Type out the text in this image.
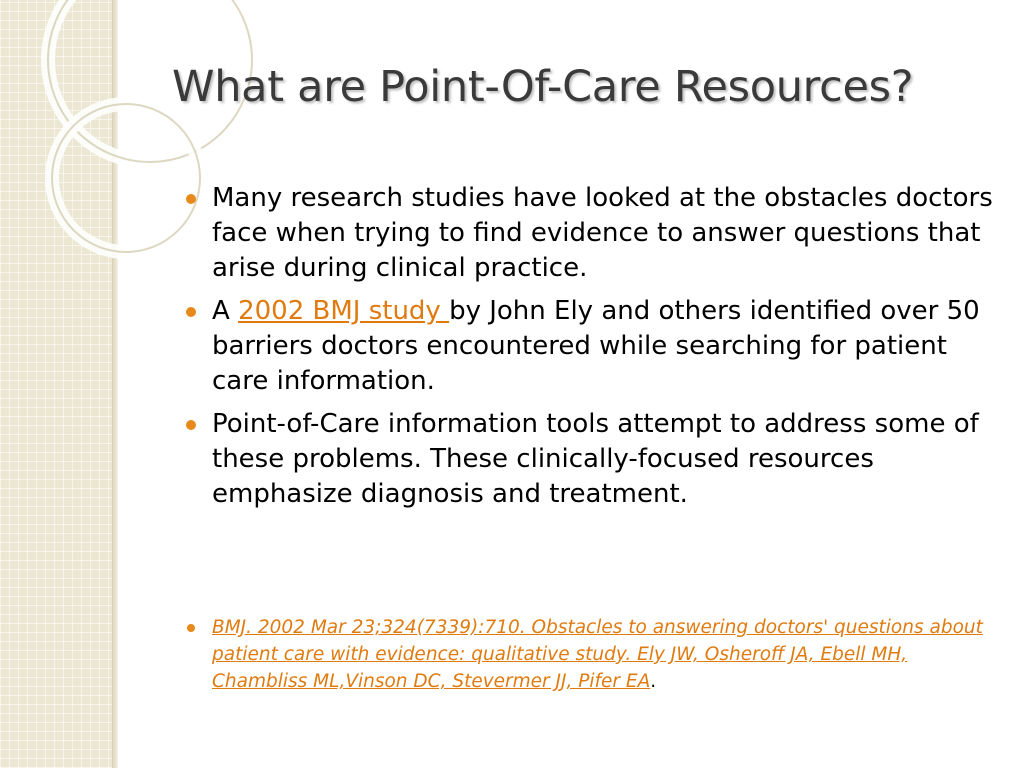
What are Point-Of-Care Resources?
Many research studies have looked at the obstacles doctors face when trying to find evidence to answer questions that arise during clinical practice.
A 2002 BMJ study by John Ely and others identified over 50 barriers doctors encountered while searching for patient care information.
Point-of-Care information tools attempt to address some of these problems. These clinically-focused resources emphasize diagnosis and treatment.
BMJ. 2002 Mar 23;324(7339):710. Obstacles to answering doctors' questions about patient care with evidence: qualitative study. Ely JW, Osheroff JA, Ebell MH, Chambliss ML,Vinson DC, Stevermer JJ, Pifer EA.
